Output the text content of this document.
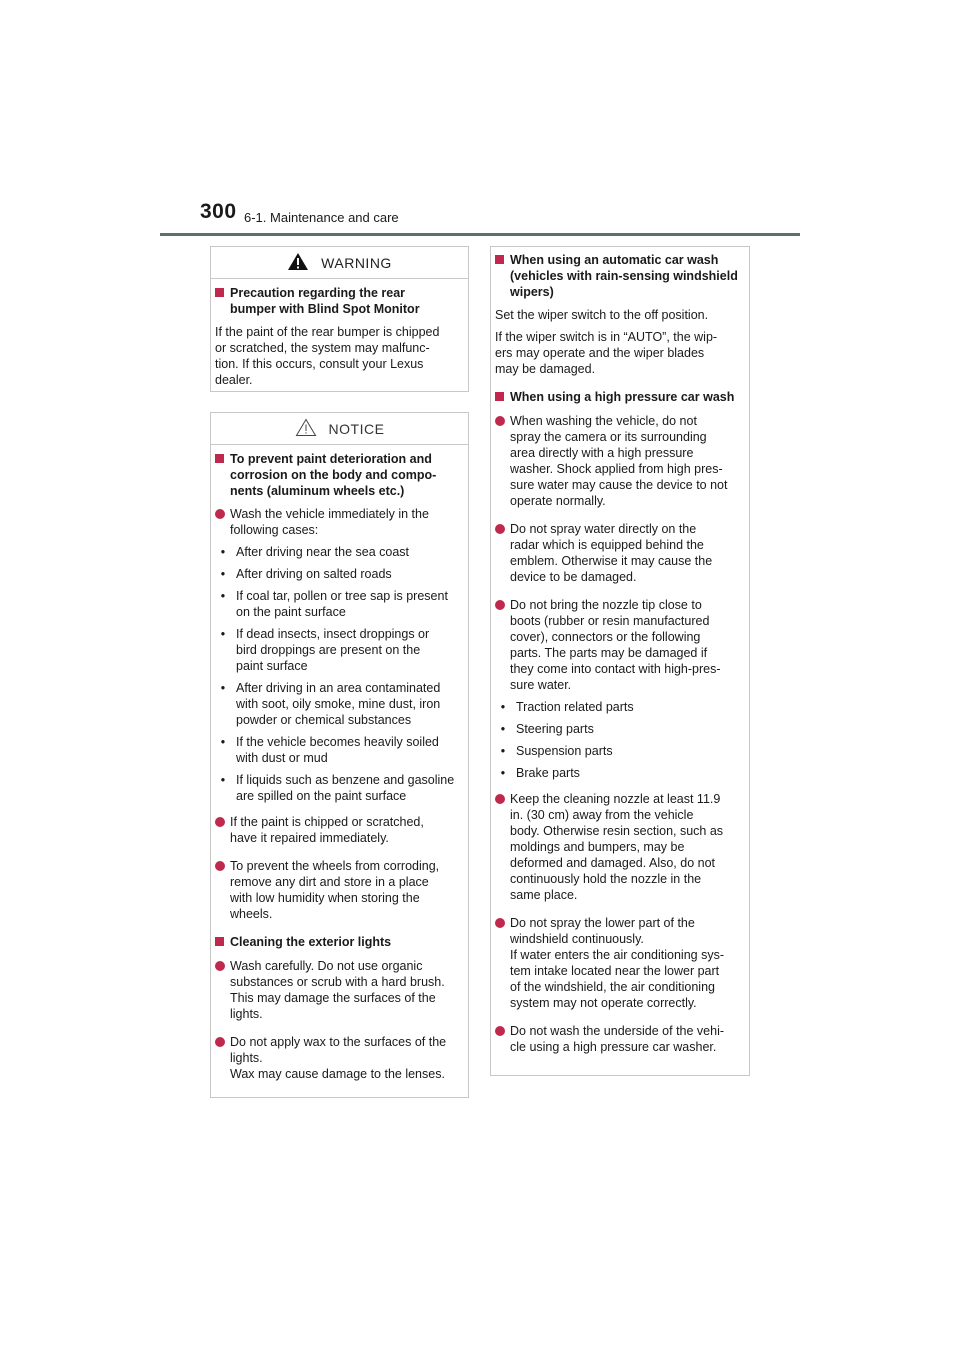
300 6-1. Maintenance and care
WARNING
Precaution regarding the rear
bumper with Blind Spot Monitor
If the paint of the rear bumper is chipped
or scratched, the system may malfunc-
tion. If this occurs, consult your Lexus
dealer.
NOTICE
To prevent paint deterioration and
corrosion on the body and compo-
nents (aluminum wheels etc.)
Wash the vehicle immediately in the
following cases:
• After driving near the sea coast
• After driving on salted roads
• If coal tar, pollen or tree sap is present
on the paint surface
• If dead insects, insect droppings or
bird droppings are present on the
paint surface
• After driving in an area contaminated
with soot, oily smoke, mine dust, iron
powder or chemical substances
• If the vehicle becomes heavily soiled
with dust or mud
• If liquids such as benzene and gasoline
are spilled on the paint surface
If the paint is chipped or scratched,
have it repaired immediately.
To prevent the wheels from corroding,
remove any dirt and store in a place
with low humidity when storing the
wheels.
Cleaning the exterior lights
Wash carefully. Do not use organic
substances or scrub with a hard brush.
This may damage the surfaces of the
lights.
Do not apply wax to the surfaces of the
lights.
Wax may cause damage to the lenses.
When using an automatic car wash
(vehicles with rain-sensing windshield
wipers)
Set the wiper switch to the off position.
If the wiper switch is in “AUTO”, the wip-
ers may operate and the wiper blades
may be damaged.
When using a high pressure car wash
When washing the vehicle, do not
spray the camera or its surrounding
area directly with a high pressure
washer. Shock applied from high pres-
sure water may cause the device to not
operate normally.
Do not spray water directly on the
radar which is equipped behind the
emblem. Otherwise it may cause the
device to be damaged.
Do not bring the nozzle tip close to
boots (rubber or resin manufactured
cover), connectors or the following
parts. The parts may be damaged if
they come into contact with high-pres-
sure water.
• Traction related parts
• Steering parts
• Suspension parts
• Brake parts
Keep the cleaning nozzle at least 11.9
in. (30 cm) away from the vehicle
body. Otherwise resin section, such as
moldings and bumpers, may be
deformed and damaged. Also, do not
continuously hold the nozzle in the
same place.
Do not spray the lower part of the
windshield continuously.
If water enters the air conditioning sys-
tem intake located near the lower part
of the windshield, the air conditioning
system may not operate correctly.
Do not wash the underside of the vehi-
cle using a high pressure car washer.
